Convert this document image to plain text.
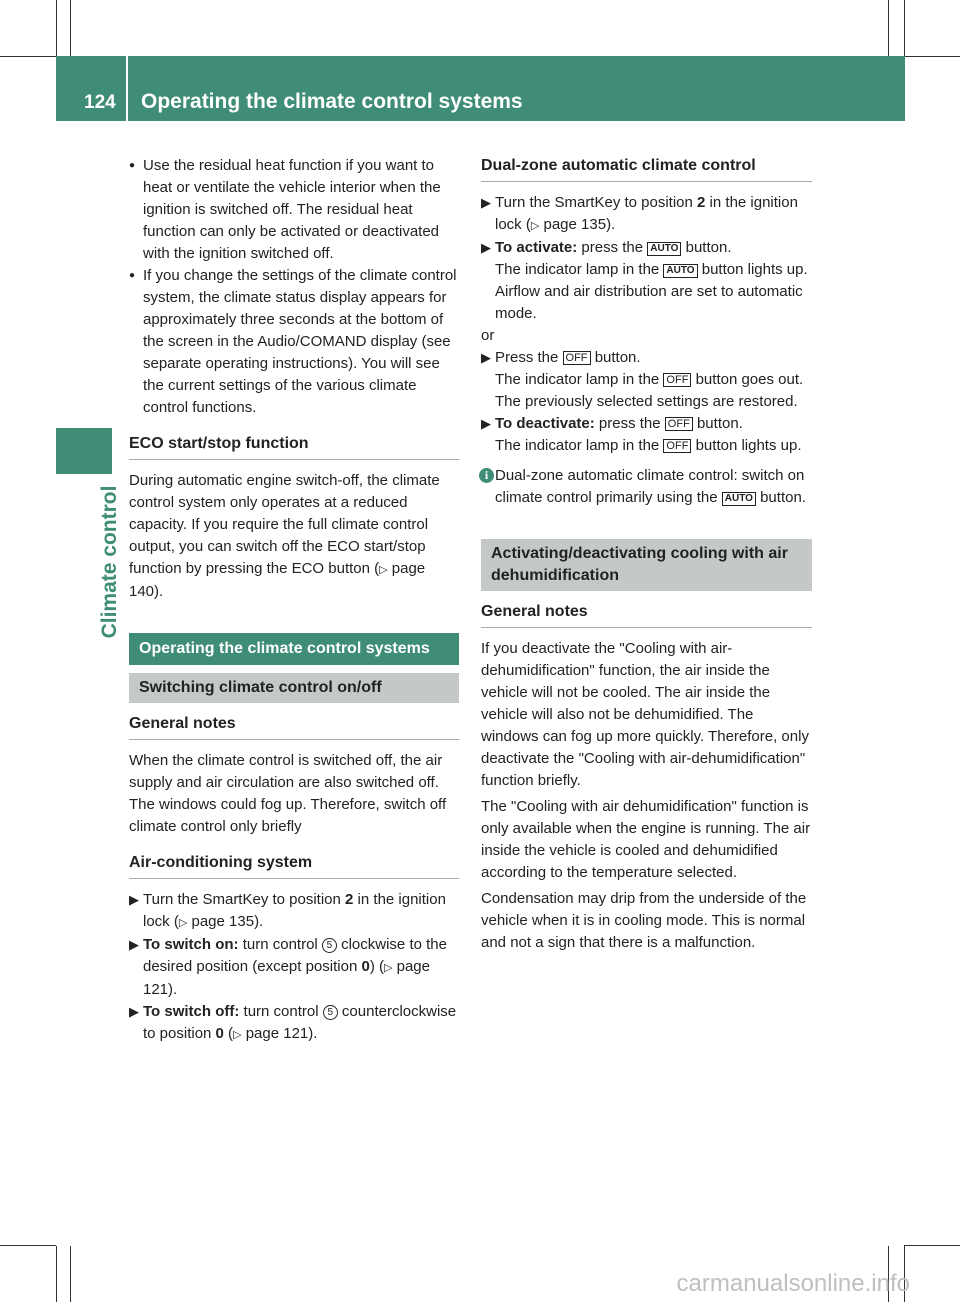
124 Operating the climate control systems
Climate control

● Use the residual heat function if you want to heat or ventilate the vehicle interior when the ignition is switched off. The residual heat function can only be activated or deactivated with the ignition switched off.

● If you change the settings of the climate control system, the climate status display appears for approximately three seconds at the bottom of the screen in the Audio/COMAND display (see separate operating instructions). You will see the current settings of the various climate control functions.

ECO start/stop function

During automatic engine switch-off, the climate control system only operates at a reduced capacity. If you require the full climate control output, you can switch off the ECO start/stop function by pressing the ECO button (▷ page 140).

Operating the climate control systems
Switching climate control on/off
General notes

When the climate control is switched off, the air supply and air circulation are also switched off. The windows could fog up. Therefore, switch off climate control only briefly

Air-conditioning system

▶ Turn the SmartKey to position 2 in the ignition lock (▷ page 135).

▶ To switch on: turn control 5 clockwise to the desired position (except position 0) (▷ page 121).

▶ To switch off: turn control 5 counterclockwise to position 0 (▷ page 121).

Dual-zone automatic climate control

▶ Turn the SmartKey to position 2 in the ignition lock (▷ page 135).

▶ To activate: press the AUTO button.
The indicator lamp in the AUTO button lights up. Airflow and air distribution are set to automatic mode.

or

▶ Press the OFF button.
The indicator lamp in the OFF button goes out. The previously selected settings are restored.

▶ To deactivate: press the OFF button.
The indicator lamp in the OFF button lights up.

i Dual-zone automatic climate control: switch on climate control primarily using the AUTO button.

Activating/deactivating cooling with air dehumidification
General notes

If you deactivate the "Cooling with air-dehumidification" function, the air inside the vehicle will not be cooled. The air inside the vehicle will also not be dehumidified. The windows can fog up more quickly. Therefore, only deactivate the "Cooling with air-dehumidification" function briefly.

The "Cooling with air dehumidification" function is only available when the engine is running. The air inside the vehicle is cooled and dehumidified according to the temperature selected.

Condensation may drip from the underside of the vehicle when it is in cooling mode. This is normal and not a sign that there is a malfunction.

carmanualsonline.info
